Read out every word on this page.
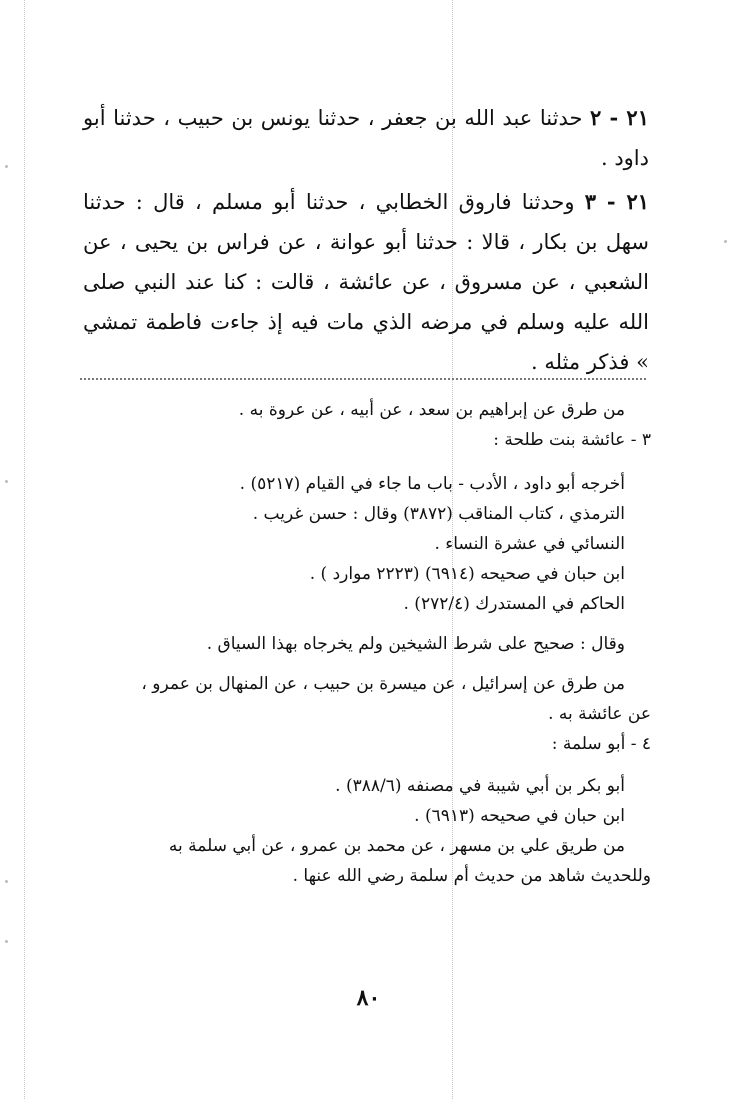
٢١ - ٢ حدثنا عبد الله بن جعفر ، حدثنا يونس بن حبيب ، حدثنا أبو داود .

٢١ - ٣ وحدثنا فاروق الخطابي ، حدثنا أبو مسلم ، قال : حدثنا سهل بن بكار ، قالا : حدثنا أبو عوانة ، عن فراس بن يحيى ، عن الشعبي ، عن مسروق ، عن عائشة ، قالت : كنا عند النبي صلى الله عليه وسلم في مرضه الذي مات فيه إذ جاءت فاطمة تمشي » فذكر مثله .

من طرق عن إبراهيم بن سعد ، عن أبيه ، عن عروة به .
٣ - عائشة بنت طلحة :
أخرجه أبو داود ، الأدب - باب ما جاء في القيام (٥٢١٧) .
الترمذي ، كتاب المناقب (٣٨٧٢) وقال : حسن غريب .
النسائي في عشرة النساء .
ابن حبان في صحيحه (٦٩١٤) (٢٢٢٣ موارد ) .
الحاكم في المستدرك (٢٧٢/٤) .
وقال : صحيح على شرط الشيخين ولم يخرجاه بهذا السياق .
من طرق عن إسرائيل ، عن ميسرة بن حبيب ، عن المنهال بن عمرو ،
عن عائشة به .
٤ - أبو سلمة :
أبو بكر بن أبي شيبة في مصنفه (٣٨٨/٦) .
ابن حبان في صحيحه (٦٩١٣) .
من طريق علي بن مسهر ، عن محمد بن عمرو ، عن أبي سلمة به
وللحديث شاهد من حديث أم سلمة رضي الله عنها .
٨٠
